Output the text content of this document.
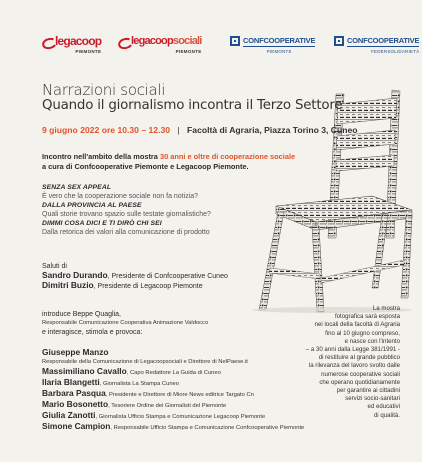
legacoop
PIEMONTE
legacoopsociali
PIEMONTE
CONFCOOPERATIVE
PIEMONTE
CONFCOOPERATIVE
FEDERSOLIDARIETÀ
Narrazioni sociali
Quando il giornalismo incontra il Terzo Settore
9 giugno 2022 ore 10.30 – 12.30 | Facoltà di Agraria, Piazza Torino 3, Cuneo
Incontro nell'ambito della mostra 30 anni e oltre di cooperazione sociale
a cura di Confcooperative Piemonte e Legacoop Piemonte.
SENZA SEX APPEAL
È vero che la cooperazione sociale non fa notizia?
DALLA PROVINCIA AL PAESE
Quali storie trovano spazio sulle testate giornalistiche?
DIMMI COSA DICI E TI DIRÒ CHI SEI
Dalla retorica dei valori alla comunicazione di prodotto
Saluti di
Sandro Durando, Presidente di Confcooperative Cuneo
Dimitri Buzio, Presidente di Legacoop Piemonte
introduce Beppe Quaglia,
Responsabile Comunicazione Cooperativa Animazione Valdocco
e interagisce, stimola e provoca:
Giuseppe Manzo
Responsabile della Comunicazione di Legacoopsociali e Direttore di NelPaese.it
Massimiliano Cavallo, Capo Redattore La Guida di Cuneo
Ilaria Blangetti, Giornalista La Stampa Cuneo
Barbara Pasqua, Presidente e Direttore di Miore News editrice Targato Cn
Mario Bosonetto, Tesoriere Ordine dei Giornalisti del Piemonte
Giulia Zanotti, Giornalista Ufficio Stampa e Comunicazione Legacoop Piemonte
Simone Campion, Responsabile Ufficio Stampa e Comunicazione Confcooperative Piemonte
La mostra
fotografica sarà esposta
nei locali della facoltà di Agraria
fino al 10 giugno compreso,
e nasce con l'intento
– a 30 anni dalla Legge 381/1991 -
di restituire al grande pubblico
la rilevanza del lavoro svolto dalle
numerose cooperative sociali
che operano quotidianamente
per garantire ai cittadini
servizi socio-sanitari
ed educativi
di qualità.
